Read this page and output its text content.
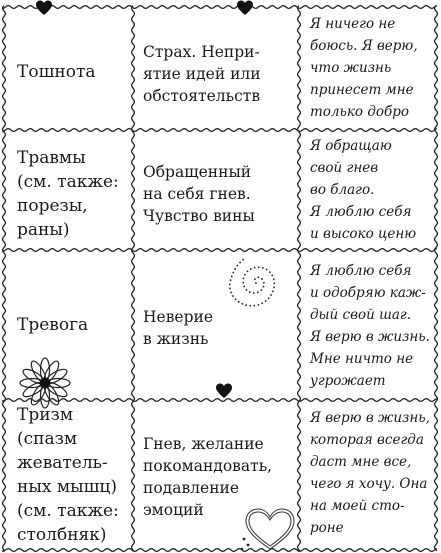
Тошнота
Страх. Непри-
ятие идей или
обстоятельств
Я ничего не
боюсь. Я верю,
что жизнь
принесет мне
только добро
Травмы
(см. также:
порезы,
раны)
Обращенный
на себя гнев.
Чувство вины
Я обращаю
свой гнев
во благо.
Я люблю себя
и высоко ценю
Тревога	Неверие
в жизнь
Я люблю себя
и одобряю каж-
дый свой шаг.
Я верю в жизнь.
Мне ничто не
угрожает
Тризм
(спазм
жеватель-
ных мышц)
(см. также:
столбняк)
Гнев, желание
покомандовать,
подавление
эмоций
Я верю в жизнь,
которая всегда
даст мне все,
чего я хочу. Она
на моей сто-
роне
